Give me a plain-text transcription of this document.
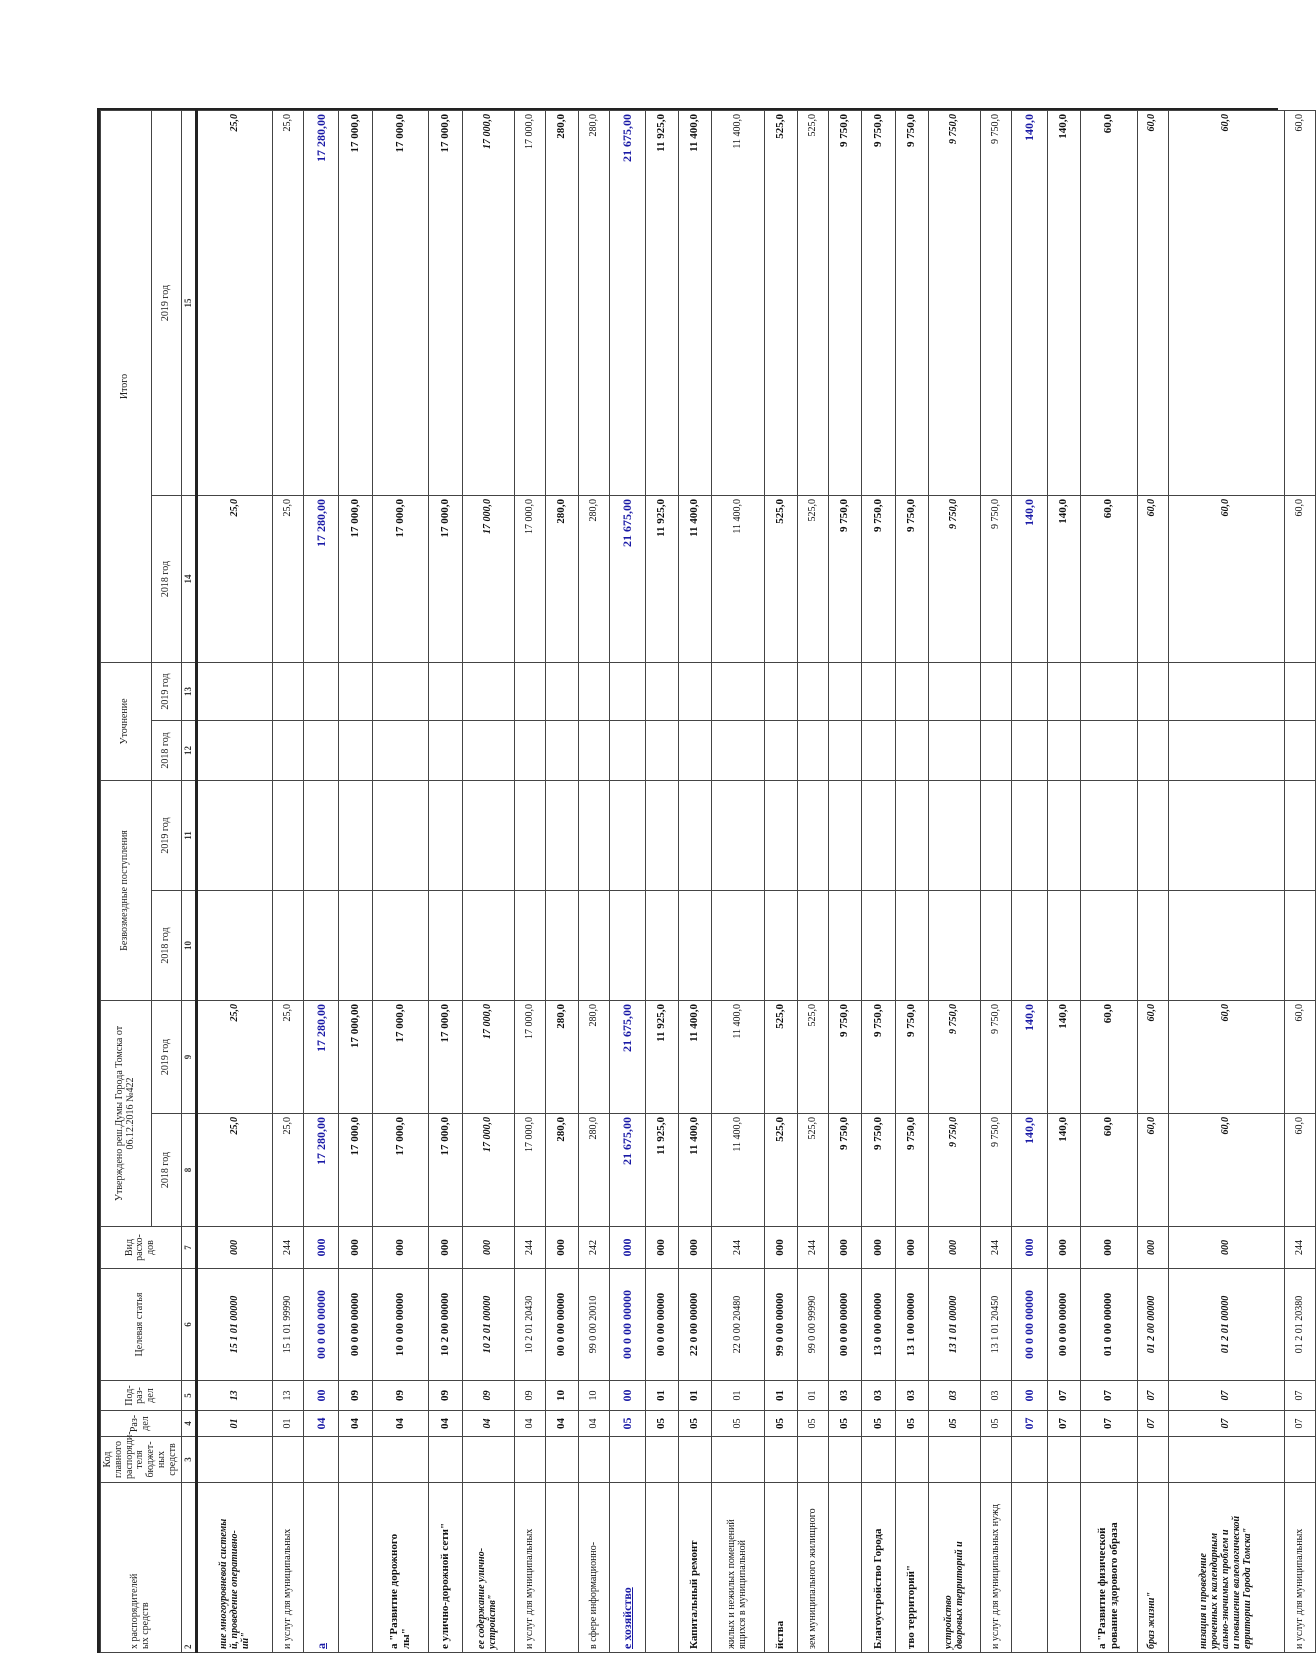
х распорядителей
ых средств	Код главного распоряди-теля бюджет-ных средств	Раз-дел	Под-раз-дел	Целевая статья	Вид расхо-дов	Утверждено реш.Думы Города Томска от 06.12.2016 №422		Безвозмездные поступления		Уточнение		Итого	
						2018 год	2019 год	2018 год	2019 год	2018 год	2019 год	2018 год	2019 год
2	3	4	5	6	7	8	9	10	11	12	13	14	15
ние многоуровневой системы
й, проведение оперативно-
ий"		01	13	15 1 01 00000	000	25,0	25,0					25,0	25,0
и услуг для муниципальных		01	13	15 1 01 99990	244	25,0	25,0					25,0	25,0
а		04	00	00 0 00 00000	000	17 280,00	17 280,00					17 280,00	17 280,00
		04	09	00 0 00 00000	000	17 000,0	17 000,00					17 000,0	17 000,0
а "Развитие дорожного
лы"		04	09	10 0 00 00000	000	17 000,0	17 000,0					17 000,0	17 000,0
е улично-дорожной сети"		04	09	10 2 00 00000	000	17 000,0	17 000,0					17 000,0	17 000,0
ее содержание улично-
устройств"		04	09	10 2 01 00000	000	17 000,0	17 000,0					17 000,0	17 000,0
и услуг для муниципальных		04	09	10 2 01 20430	244	17 000,0	17 000,0					17 000,0	17 000,0
		04	10	00 0 00 00000	000	280,0	280,0					280,0	280,0
в сфере информационно-		04	10	99 0 00 20010	242	280,0	280,0					280,0	280,0
е хозяйство		05	00	00 0 00 00000	000	21 675,00	21 675,00					21 675,00	21 675,00
		05	01	00 0 00 00000	000	11 925,0	11 925,0					11 925,0	11 925,0
Капитальный ремонт		05	01	22 0 00 00000	000	11 400,0	11 400,0					11 400,0	11 400,0
жилых и нежилых помещений
ящихся в муниципальной		05	01	22 0 00 20480	244	11 400,0	11 400,0					11 400,0	11 400,0
йства		05	01	99 0 00 00000	000	525,0	525,0					525,0	525,0
зем муниципального жилищного		05	01	99 0 00 99990	244	525,0	525,0					525,0	525,0
		05	03	00 0 00 00000	000	9 750,0	9 750,0					9 750,0	9 750,0
Благоустройство Города		05	03	13 0 00 00000	000	9 750,0	9 750,0					9 750,0	9 750,0
тво территорий"		05	03	13 1 00 00000	000	9 750,0	9 750,0					9 750,0	9 750,0
устройство
дворовых территорий и		05	03	13 1 01 00000	000	9 750,0	9 750,0					9 750,0	9 750,0
и услуг для муниципальных нужд		05	03	13 1 01 20450	244	9 750,0	9 750,0					9 750,0	9 750,0
		07	00	00 0 00 00000	000	140,0	140,0					140,0	140,0
		07	07	00 0 00 00000	000	140,0	140,0					140,0	140,0
а "Развитие физической
рование здорового образа		07	07	01 0 00 00000	000	60,0	60,0					60,0	60,0
браз жизни"		07	07	01 2 00 00000	000	60,0	60,0					60,0	60,0
низация и проведение
уроченных к календарным
ально-значимых проблем и
и повышение валеологической
ерритории Города Томска"		07	07	01 2 01 00000	000	60,0	60,0					60,0	60,0
и услуг для муниципальных		07	07	01 2 01 20380	244	60,0	60,0					60,0	60,0
